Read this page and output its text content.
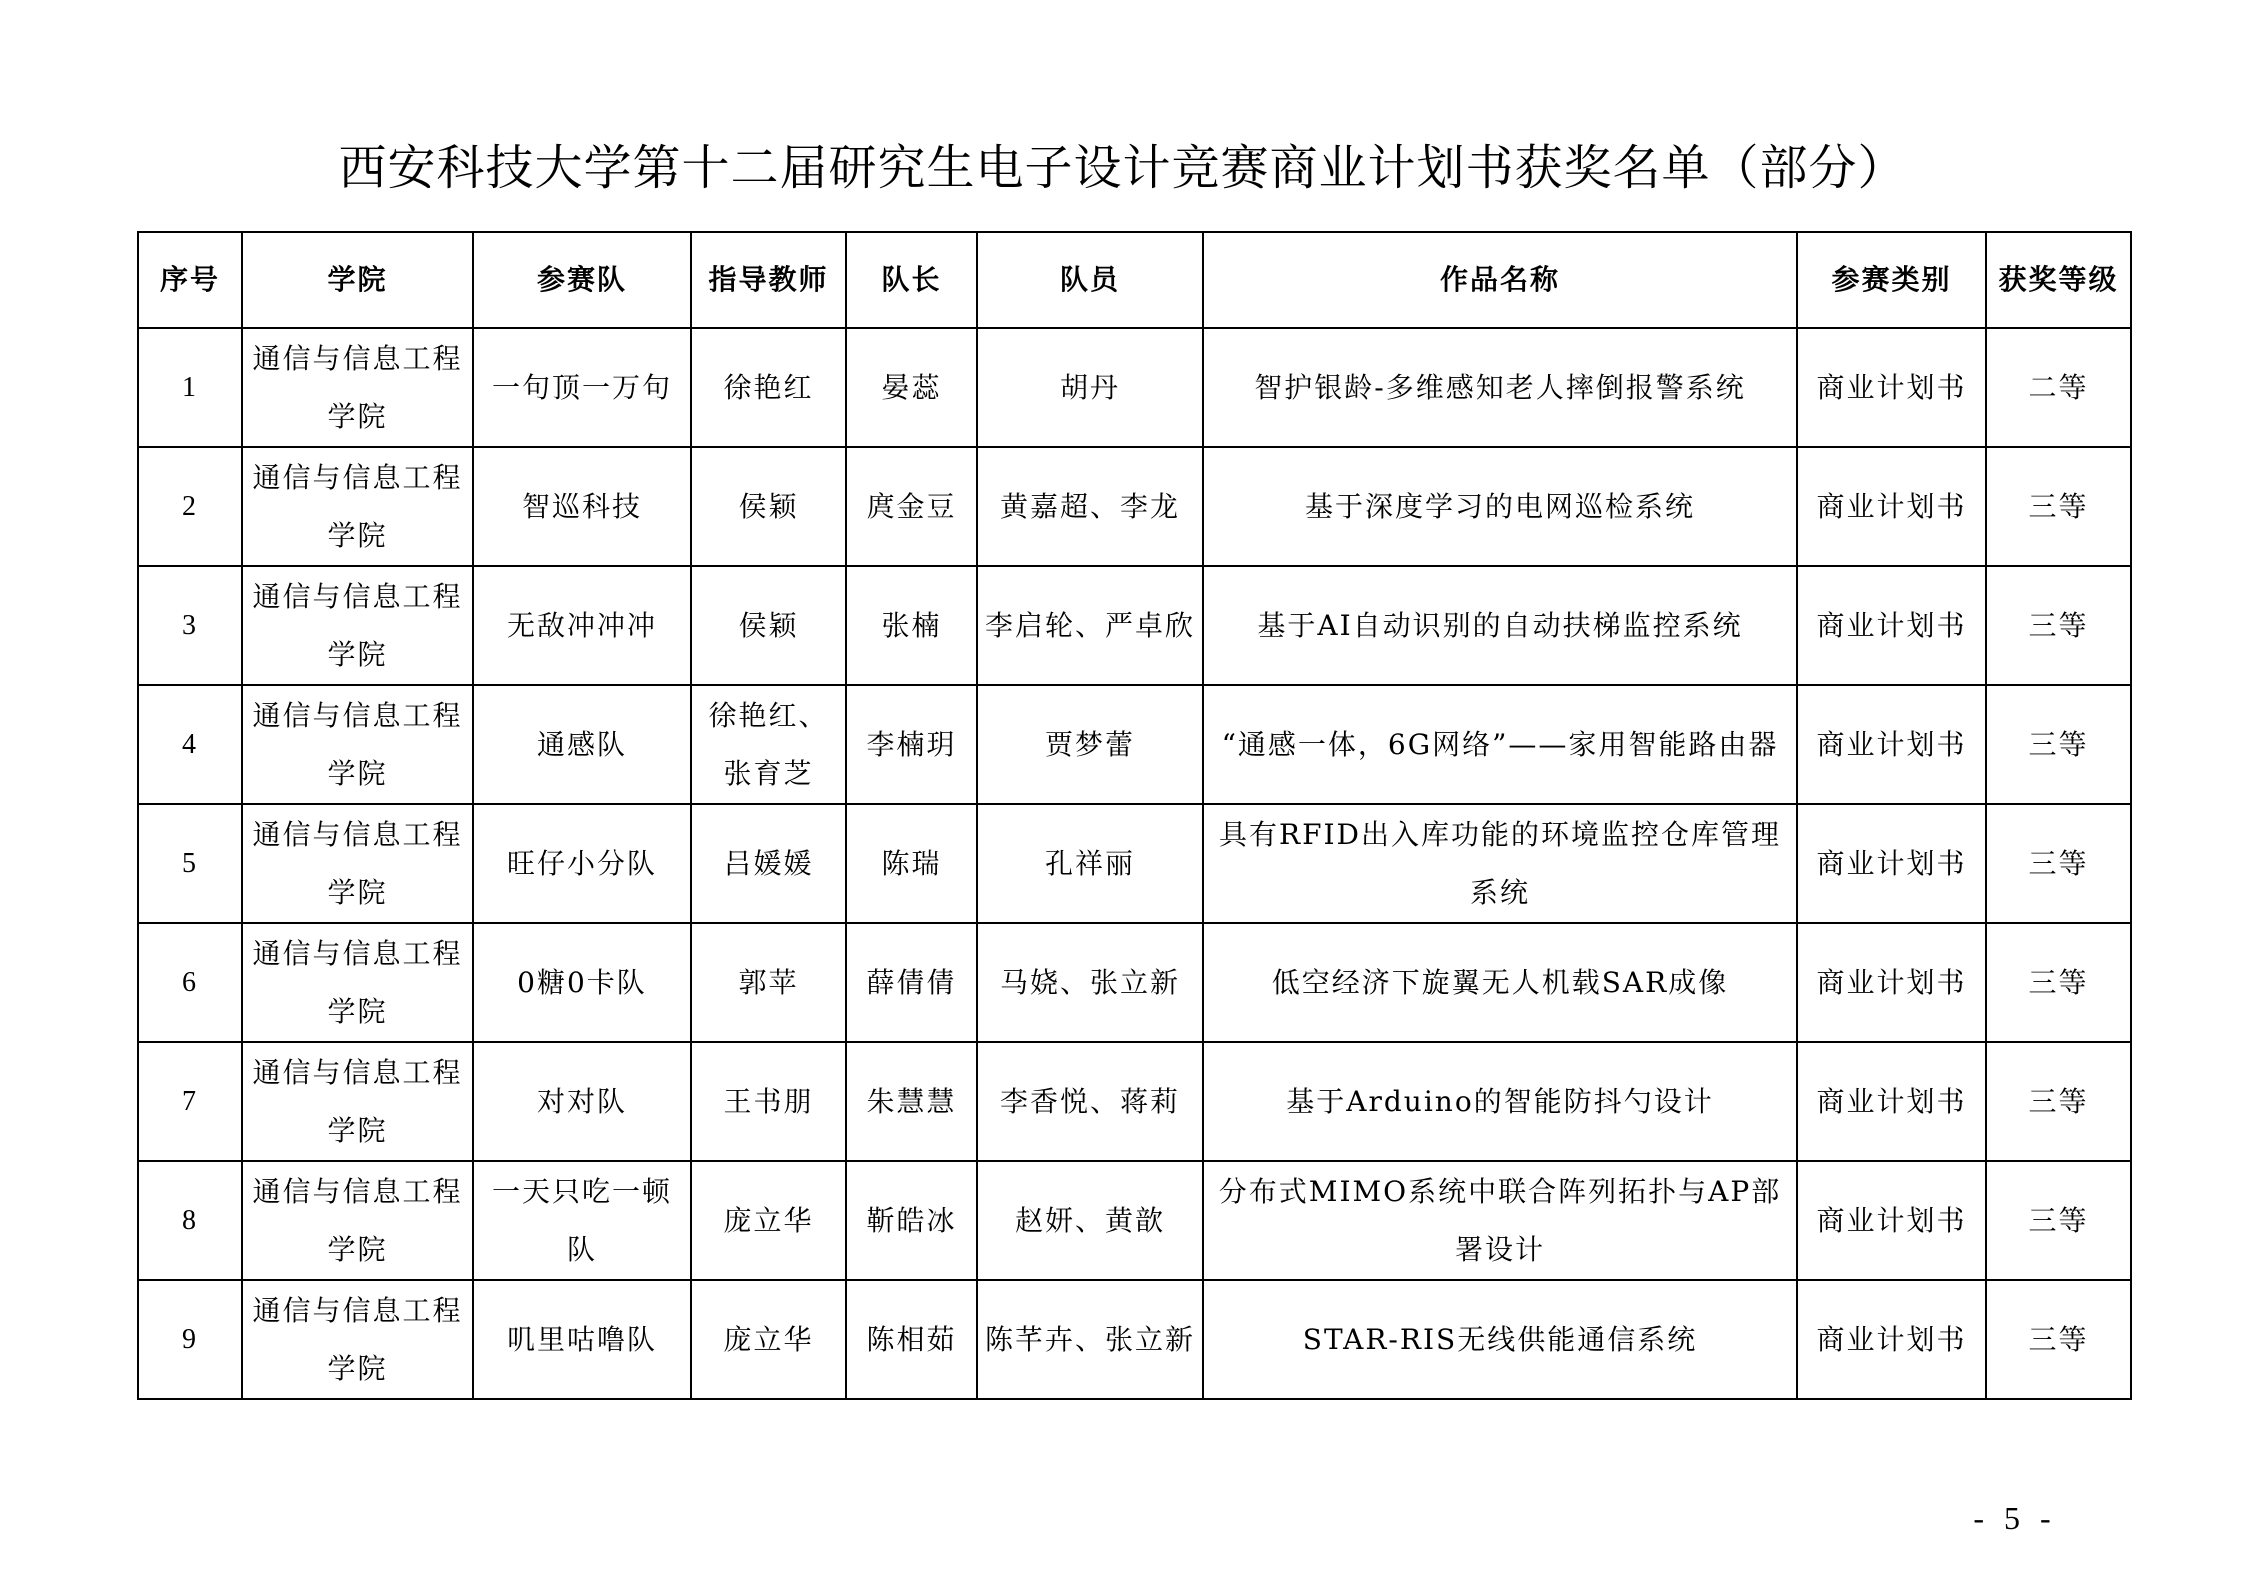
西安科技大学第十二届研究生电子设计竞赛商业计划书获奖名单（部分）
序号	学院	参赛队	指导教师	队长	队员	作品名称	参赛类别	获奖等级
1	通信与信息工程学院	一句顶一万句	徐艳红	晏蕊	胡丹	智护银龄-多维感知老人摔倒报警系统	商业计划书	二等
2	通信与信息工程学院	智巡科技	侯颖	庹金豆	黄嘉超、李龙	基于深度学习的电网巡检系统	商业计划书	三等
3	通信与信息工程学院	无敌冲冲冲	侯颖	张楠	李启轮、严卓欣	基于AI自动识别的自动扶梯监控系统	商业计划书	三等
4	通信与信息工程学院	通感队	徐艳红、张育芝	李楠玥	贾梦蕾	“通感一体，6G网络”——家用智能路由器	商业计划书	三等
5	通信与信息工程学院	旺仔小分队	吕媛媛	陈瑞	孔祥丽	具有RFID出入库功能的环境监控仓库管理系统	商业计划书	三等
6	通信与信息工程学院	0糖0卡队	郭苹	薛倩倩	马娆、张立新	低空经济下旋翼无人机载SAR成像	商业计划书	三等
7	通信与信息工程学院	对对队	王书朋	朱慧慧	李香悦、蒋莉	基于Arduino的智能防抖勺设计	商业计划书	三等
8	通信与信息工程学院	一天只吃一顿队	庞立华	靳皓冰	赵妍、黄歆	分布式MIMO系统中联合阵列拓扑与AP部署设计	商业计划书	三等
9	通信与信息工程学院	叽里咕噜队	庞立华	陈相茹	陈芊卉、张立新	STAR-RIS无线供能通信系统	商业计划书	三等
- 5 -
